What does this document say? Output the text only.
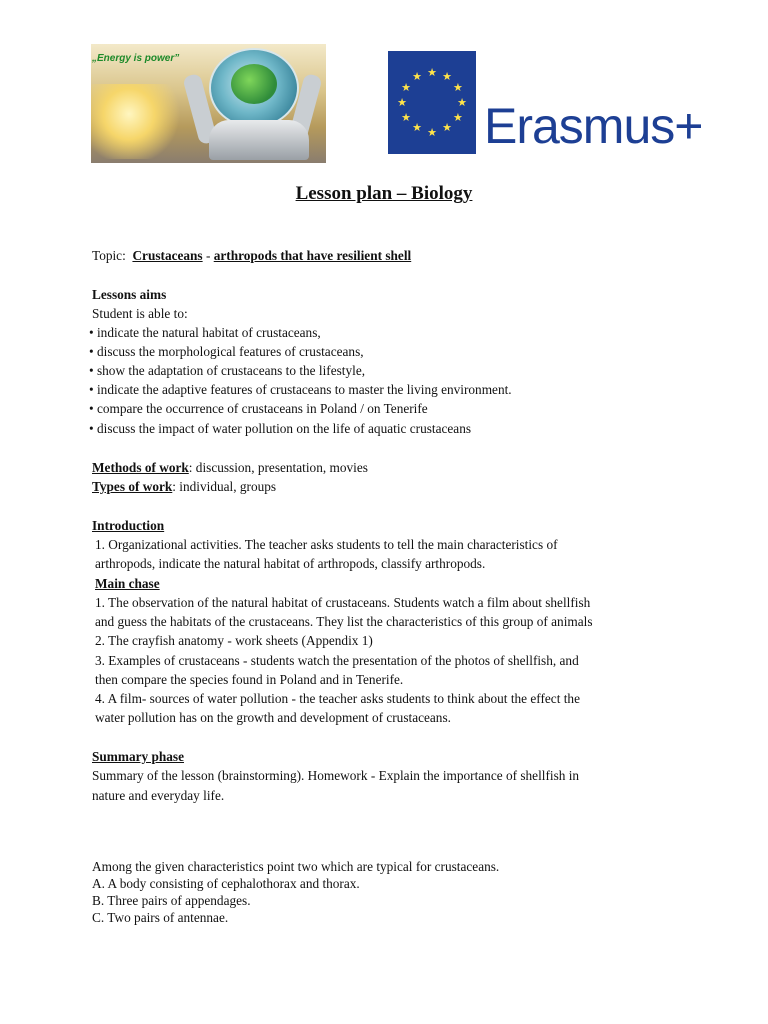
„Energy is power”
★ ★
★
★
★
★
★
★
★
★
★
★
Erasmus+
Lesson plan – Biology
Topic: Crustaceans - arthropods that have resilient shell
Lessons aims
Student is able to:
• indicate the natural habitat of crustaceans,
• discuss the morphological features of crustaceans,
• show the adaptation of crustaceans to the lifestyle,
• indicate the adaptive features of crustaceans to master the living environment.
• compare the occurrence of crustaceans in Poland / on Tenerife
• discuss the impact of water pollution on the life of aquatic crustaceans
Methods of work: discussion, presentation, movies
Types of work: individual, groups
Introduction
1. Organizational activities. The teacher asks students to tell the main characteristics of
arthropods, indicate the natural habitat of arthropods, classify arthropods.
Main chase
1. The observation of the natural habitat of crustaceans. Students watch a film about shellfish
and guess the habitats of the crustaceans. They list the characteristics of this group of animals
2. The crayfish anatomy - work sheets (Appendix 1)
3. Examples of crustaceans - students watch the presentation of the photos of shellfish, and
then compare the species found in Poland and in Tenerife.
4. A film- sources of water pollution - the teacher asks students to think about the effect the
water pollution has on the growth and development of crustaceans.
Summary phase
Summary of the lesson (brainstorming). Homework - Explain the importance of shellfish in
nature and everyday life.
Among the given characteristics point two which are typical for crustaceans.
A. A body consisting of cephalothorax and thorax.
B. Three pairs of appendages.
C. Two pairs of antennae.
